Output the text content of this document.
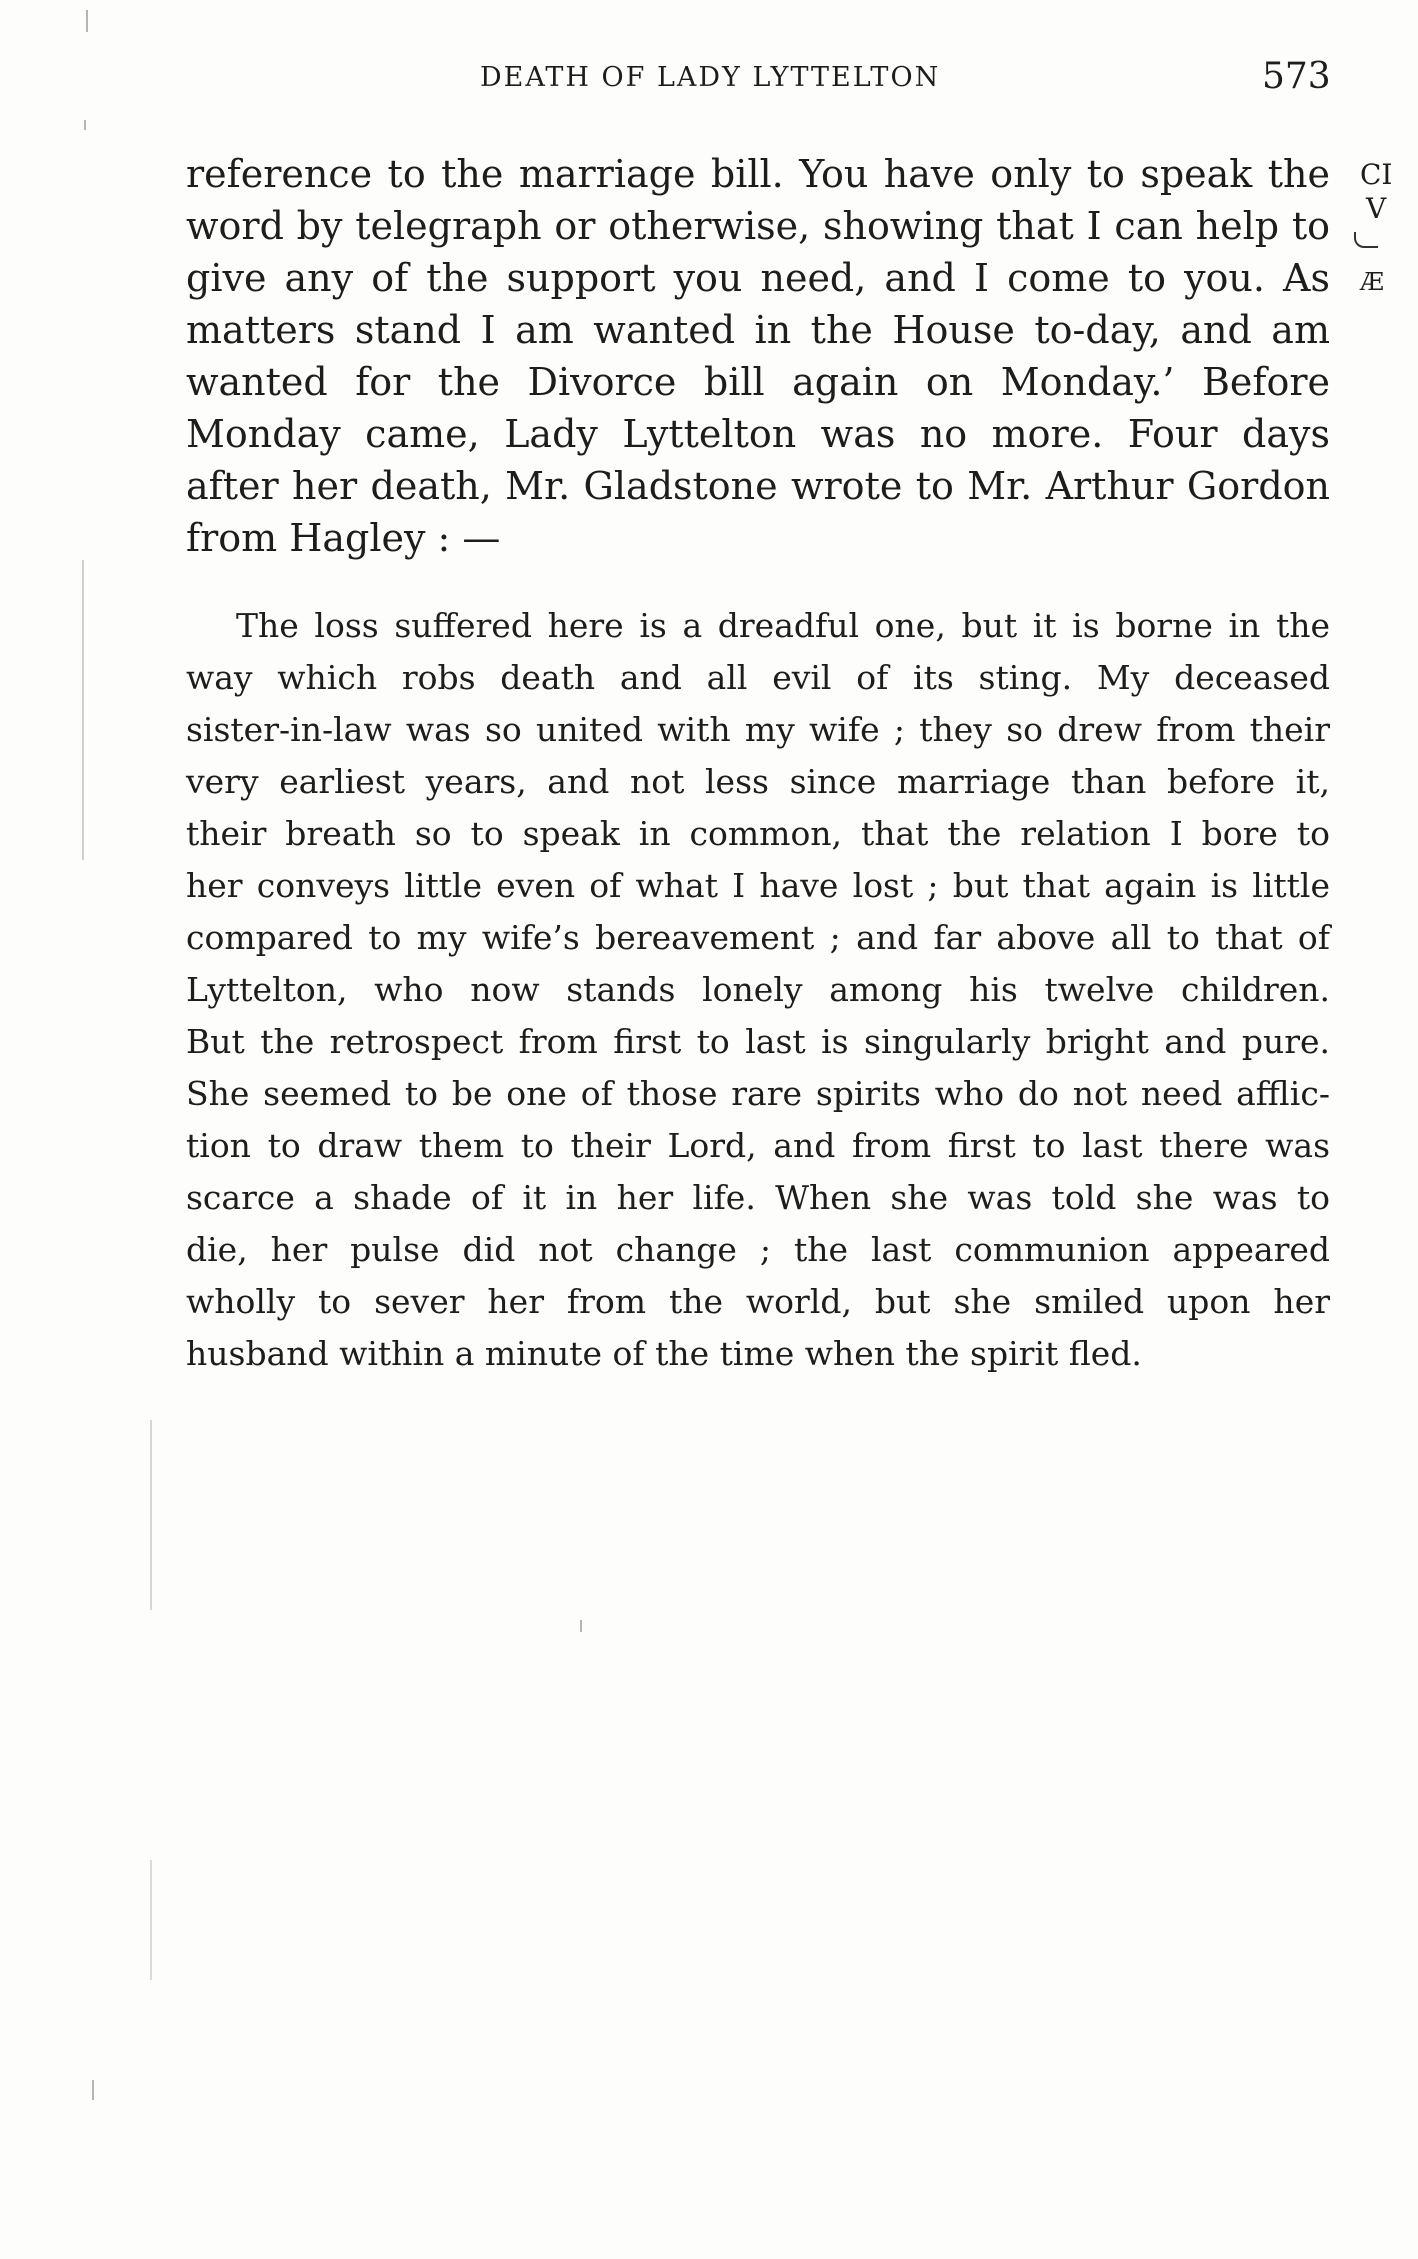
DEATH OF LADY LYTTELTON	573
CI
V
Æ
reference to the marriage bill. You have only to speak the
word by telegraph or otherwise, showing that I can help to
give any of the support you need, and I come to you. As
matters stand I am wanted in the House to-day, and am
wanted for the Divorce bill again on Monday.’ Before
Monday came, Lady Lyttelton was no more. Four days
after her death, Mr. Gladstone wrote to Mr. Arthur Gordon
from Hagley : —
The loss suffered here is a dreadful one, but it is borne in the
way which robs death and all evil of its sting. My deceased
sister-in-law was so united with my wife ; they so drew from their
very earliest years, and not less since marriage than before it,
their breath so to speak in common, that the relation I bore to
her conveys little even of what I have lost ; but that again is little
compared to my wife’s bereavement ; and far above all to that of
Lyttelton, who now stands lonely among his twelve children.
But the retrospect from first to last is singularly bright and pure.
She seemed to be one of those rare spirits who do not need afflic-
tion to draw them to their Lord, and from first to last there was
scarce a shade of it in her life. When she was told she was to
die, her pulse did not change ; the last communion appeared
wholly to sever her from the world, but she smiled upon her
husband within a minute of the time when the spirit fled.
